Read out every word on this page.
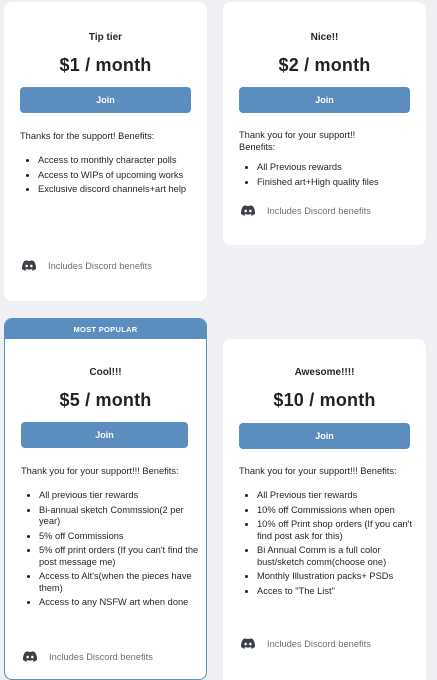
Tip tier
$1 / month
Join
Thanks for the support! Benefits:
• Access to monthly character polls
• Access to WIPs of upcoming works
• Exclusive discord channels+art help
Includes Discord benefits
Nice!!
$2 / month
Join
Thank you for your support!! Benefits:
• All Previous rewards
• Finished art+High quality files
Includes Discord benefits
MOST POPULAR
Cool!!!
$5 / month
Join
Thank you for your support!!! Benefits:
• All previous tier rewards
• Bi-annual sketch Commssion(2 per year)
• 5% off Commissions
• 5% off print orders (If you can't find the post message me)
• Access to Alt's(when the pieces have them)
• Access to any NSFW art when done
Includes Discord benefits
Awesome!!!!
$10 / month
Join
Thank you for your support!!! Benefits:
• All Previous tier rewards
• 10% off Commissions when open
• 10% off Print shop orders (If you can't find post ask for this)
• Bi Annual Comm is a full color bust/sketch comm(choose one)
• Monthly Illustration packs+ PSDs
• Acces to "The List"
Includes Discord benefits
